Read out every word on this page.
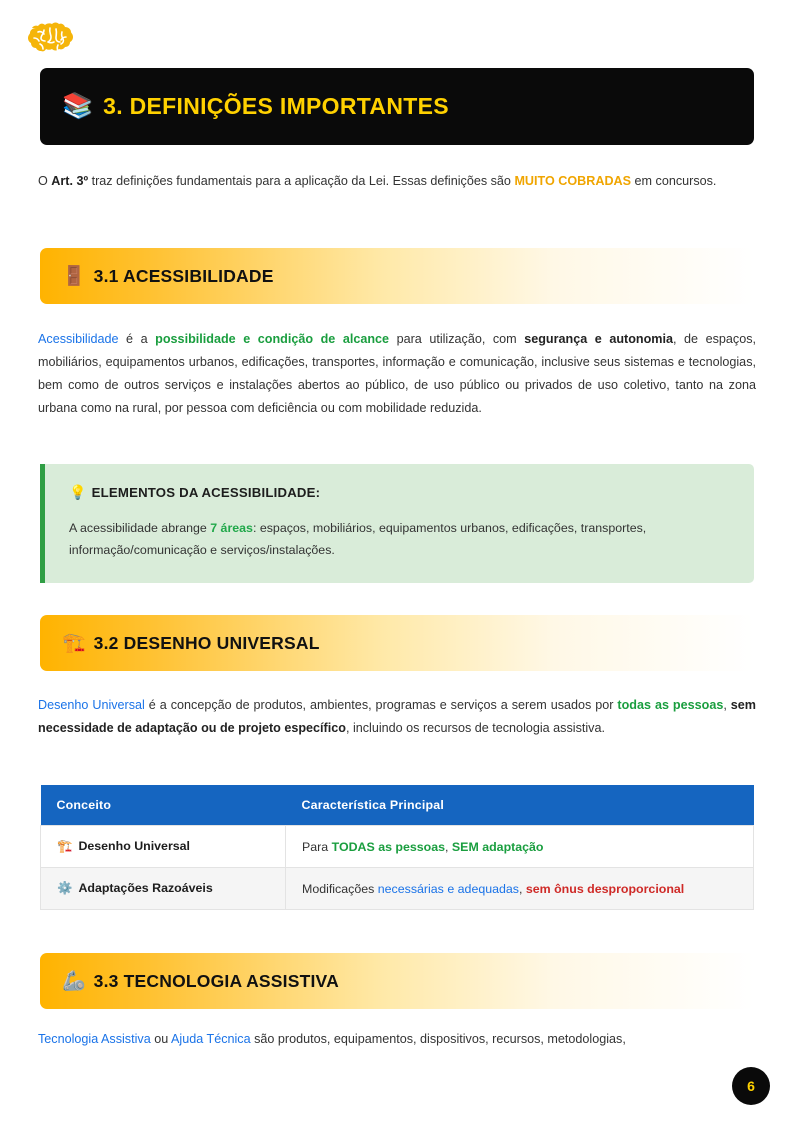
📚 3. DEFINIÇÕES IMPORTANTES
O Art. 3º traz definições fundamentais para a aplicação da Lei. Essas definições são MUITO COBRADAS em concursos.
🚪 3.1 ACESSIBILIDADE
Acessibilidade é a possibilidade e condição de alcance para utilização, com segurança e autonomia, de espaços, mobiliários, equipamentos urbanos, edificações, transportes, informação e comunicação, inclusive seus sistemas e tecnologias, bem como de outros serviços e instalações abertos ao público, de uso público ou privados de uso coletivo, tanto na zona urbana como na rural, por pessoa com deficiência ou com mobilidade reduzida.
💡 ELEMENTOS DA ACESSIBILIDADE:
A acessibilidade abrange 7 áreas: espaços, mobiliários, equipamentos urbanos, edificações, transportes, informação/comunicação e serviços/instalações.
🏗️ 3.2 DESENHO UNIVERSAL
Desenho Universal é a concepção de produtos, ambientes, programas e serviços a serem usados por todas as pessoas, sem necessidade de adaptação ou de projeto específico, incluindo os recursos de tecnologia assistiva.
Conceito	Característica Principal
🏗️ Desenho Universal	Para TODAS as pessoas, SEM adaptação
⚙️ Adaptações Razoáveis	Modificações necessárias e adequadas, sem ônus desproporcional
🦾 3.3 TECNOLOGIA ASSISTIVA
Tecnologia Assistiva ou Ajuda Técnica são produtos, equipamentos, dispositivos, recursos, metodologias,
6
